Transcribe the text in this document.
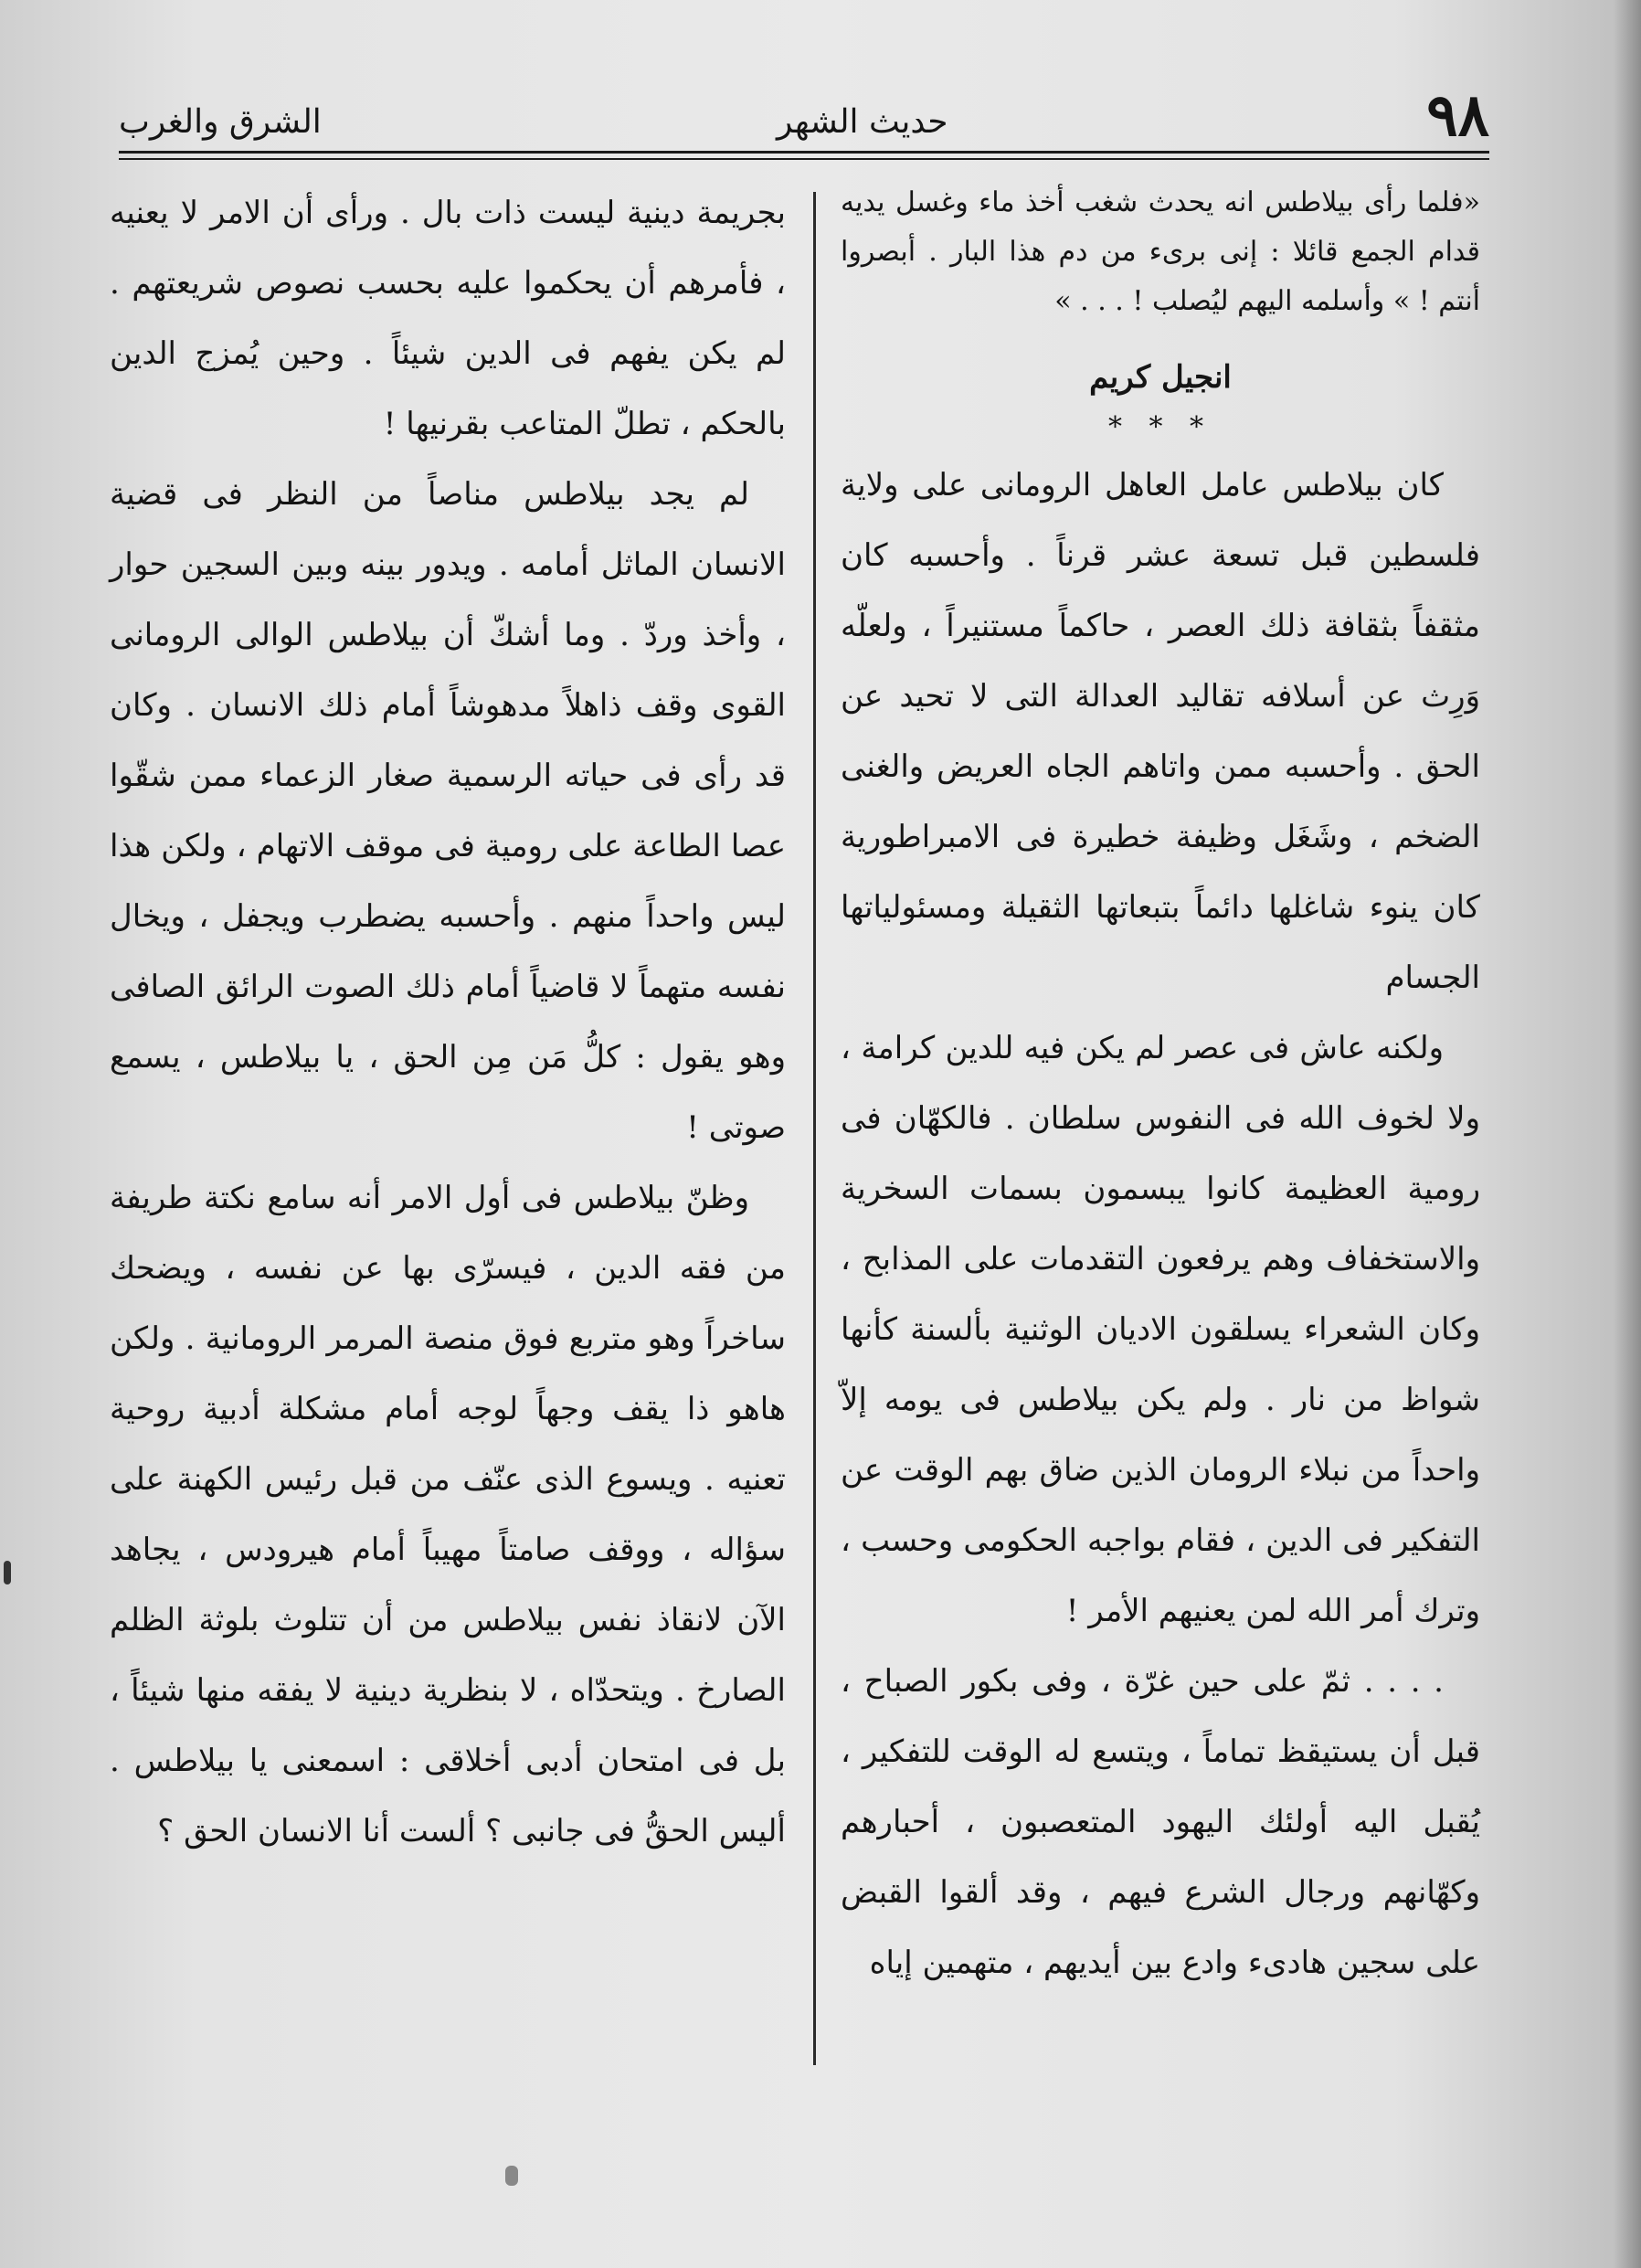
٩٨
حديث الشهر
الشرق والغرب

«فلما رأى بيلاطس انه يحدث شغب أخذ ماء وغسل يديه قدام الجمع قائلا : إنى برىء من دم هذا البار . أبصروا أنتم ! » وأسلمه اليهم ليُصلب ! . . . »

انجيل كريم

* * *

كان بيلاطس عامل العاهل الرومانى على ولاية فلسطين قبل تسعة عشر قرناً . وأحسبه كان مثقفاً بثقافة ذلك العصر ، حاكماً مستنيراً ، ولعلّه وَرِث عن أسلافه تقاليد العدالة التى لا تحيد عن الحق . وأحسبه ممن واتاهم الجاه العريض والغنى الضخم ، وشَغَل وظيفة خطيرة فى الامبراطورية كان ينوء شاغلها دائماً بتبعاتها الثقيلة ومسئولياتها الجسام

ولكنه عاش فى عصر لم يكن فيه للدين كرامة ، ولا لخوف الله فى النفوس سلطان . فالكهّان فى رومية العظيمة كانوا يبسمون بسمات السخرية والاستخفاف وهم يرفعون التقدمات على المذابح ، وكان الشعراء يسلقون الاديان الوثنية بألسنة كأنها شواظ من نار . ولم يكن بيلاطس فى يومه إلاّ واحداً من نبلاء الرومان الذين ضاق بهم الوقت عن التفكير فى الدين ، فقام بواجبه الحكومى وحسب ، وترك أمر الله لمن يعنيهم الأمر !

. . . . ثمّ على حين غرّة ، وفى بكور الصباح ، قبل أن يستيقظ تماماً ، ويتسع له الوقت للتفكير ، يُقبل اليه أولئك اليهود المتعصبون ، أحبارهم وكهّانهم ورجال الشرع فيهم ، وقد ألقوا القبض على سجين هادىء وادع بين أيديهم ، متهمين إياه

بجريمة دينية ليست ذات بال . ورأى أن الامر لا يعنيه ، فأمرهم أن يحكموا عليه بحسب نصوص شريعتهم . لم يكن يفهم فى الدين شيئاً . وحين يُمزج الدين بالحكم ، تطلّ المتاعب بقرنيها !

لم يجد بيلاطس مناصاً من النظر فى قضية الانسان الماثل أمامه . ويدور بينه وبين السجين حوار ، وأخذ وردّ . وما أشكّ أن بيلاطس الوالى الرومانى القوى وقف ذاهلاً مدهوشاً أمام ذلك الانسان . وكان قد رأى فى حياته الرسمية صغار الزعماء ممن شقّوا عصا الطاعة على رومية فى موقف الاتهام ، ولكن هذا ليس واحداً منهم . وأحسبه يضطرب ويجفل ، ويخال نفسه متهماً لا قاضياً أمام ذلك الصوت الرائق الصافى وهو يقول : كلُّ مَن مِن الحق ، يا بيلاطس ، يسمع صوتى !

وظنّ بيلاطس فى أول الامر أنه سامع نكتة طريفة من فقه الدين ، فيسرّى بها عن نفسه ، ويضحك ساخراً وهو متربع فوق منصة المرمر الرومانية . ولكن هاهو ذا يقف وجهاً لوجه أمام مشكلة أدبية روحية تعنيه . ويسوع الذى عنّف من قبل رئيس الكهنة على سؤاله ، ووقف صامتاً مهيباً أمام هيرودس ، يجاهد الآن لانقاذ نفس بيلاطس من أن تتلوث بلوثة الظلم الصارخ . ويتحدّاه ، لا بنظرية دينية لا يفقه منها شيئاً ، بل فى امتحان أدبى أخلاقى : اسمعنى يا بيلاطس . أليس الحقُّ فى جانبى ؟ ألست أنا الانسان الحق ؟
